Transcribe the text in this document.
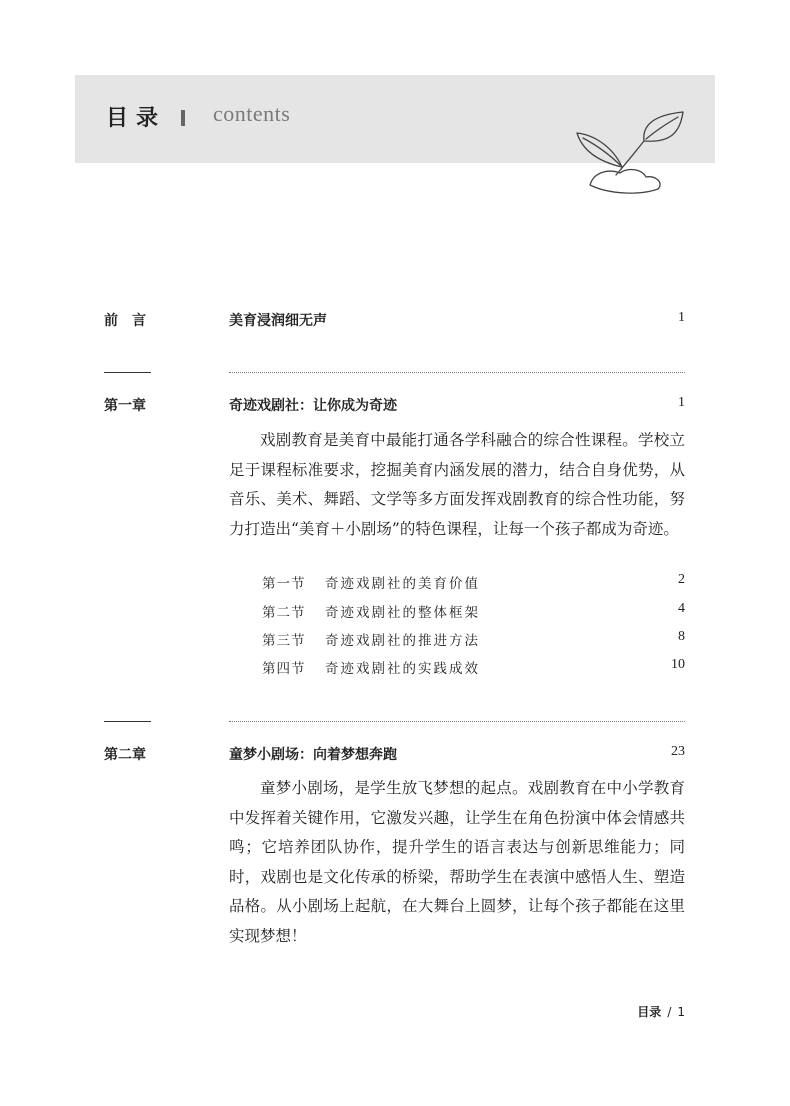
目录 contents
前　言	美育浸润细无声	1
第一章	奇迹戏剧社：让你成为奇迹	1

戏剧教育是美育中最能打通各学科融合的综合性课程。学校立足于课程标准要求，挖掘美育内涵发展的潜力，结合自身优势，从音乐、美术、舞蹈、文学等多方面发挥戏剧教育的综合性功能，努力打造出“美育＋小剧场”的特色课程，让每一个孩子都成为奇迹。

第一节 奇迹戏剧社的美育价值	2
第二节 奇迹戏剧社的整体框架	4
第三节 奇迹戏剧社的推进方法	8
第四节 奇迹戏剧社的实践成效	10
第二章	童梦小剧场：向着梦想奔跑	23

童梦小剧场，是学生放飞梦想的起点。戏剧教育在中小学教育中发挥着关键作用，它激发兴趣，让学生在角色扮演中体会情感共鸣；它培养团队协作，提升学生的语言表达与创新思维能力；同时，戏剧也是文化传承的桥梁，帮助学生在表演中感悟人生、塑造品格。从小剧场上起航，在大舞台上圆梦，让每个孩子都能在这里实现梦想！

目录 / 1
